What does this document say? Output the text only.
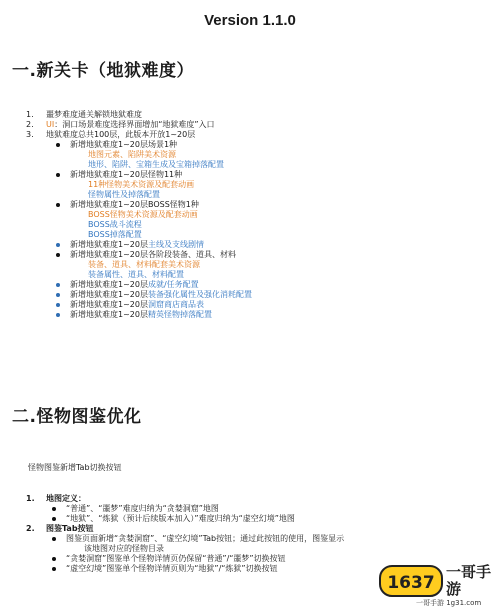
Version 1.1.0
一.新关卡（地狱难度）
1. 噩梦难度通关解锁地狱难度
2. UI：洞口场景难度选择界面增加“地狱难度”入口
3. 地狱难度总共100层，此版本开放1~20层
新增地狱难度1~20层场景1种
地图元素、陷阱美术资源
地形、陷阱、宝箱生成及宝箱掉落配置
新增地狱难度1~20层怪物11种
11种怪物美术资源及配套动画
怪物属性及掉落配置
新增地狱难度1~20层BOSS怪物1种
BOSS怪物美术资源及配套动画
BOSS战斗流程
BOSS掉落配置
新增地狱难度1~20层主线及支线剧情
新增地狱难度1~20层各阶段装备、道具、材料
装备、道具、材料配套美术资源
装备属性、道具、材料配置
新增地狱难度1~20层成就/任务配置
新增地狱难度1~20层装备强化属性及强化消耗配置
新增地狱难度1~20层洞窟商店商品表
新增地狱难度1~20层精英怪物掉落配置
二.怪物图鉴优化
怪物图鉴新增Tab切换按钮
1. 地图定义：
“普通”、“噩梦”难度归纳为“贪婪洞窟”地图
“地狱”、“炼狱（预计后续版本加入）”难度归纳为“虚空幻境”地图
2. 图鉴Tab按钮
图鉴页面新增“贪婪洞窟”、“虚空幻境”Tab按钮；通过此按钮的使用，图鉴显示
该地图对应的怪物目录
“贪婪洞窟”图鉴单个怪物详情页仍保留“普通”/“噩梦”切换按钮
“虚空幻境”图鉴单个怪物详情页则为“地狱”/“炼狱”切换按钮
1637
一哥手游
一哥手游 1g31.com
